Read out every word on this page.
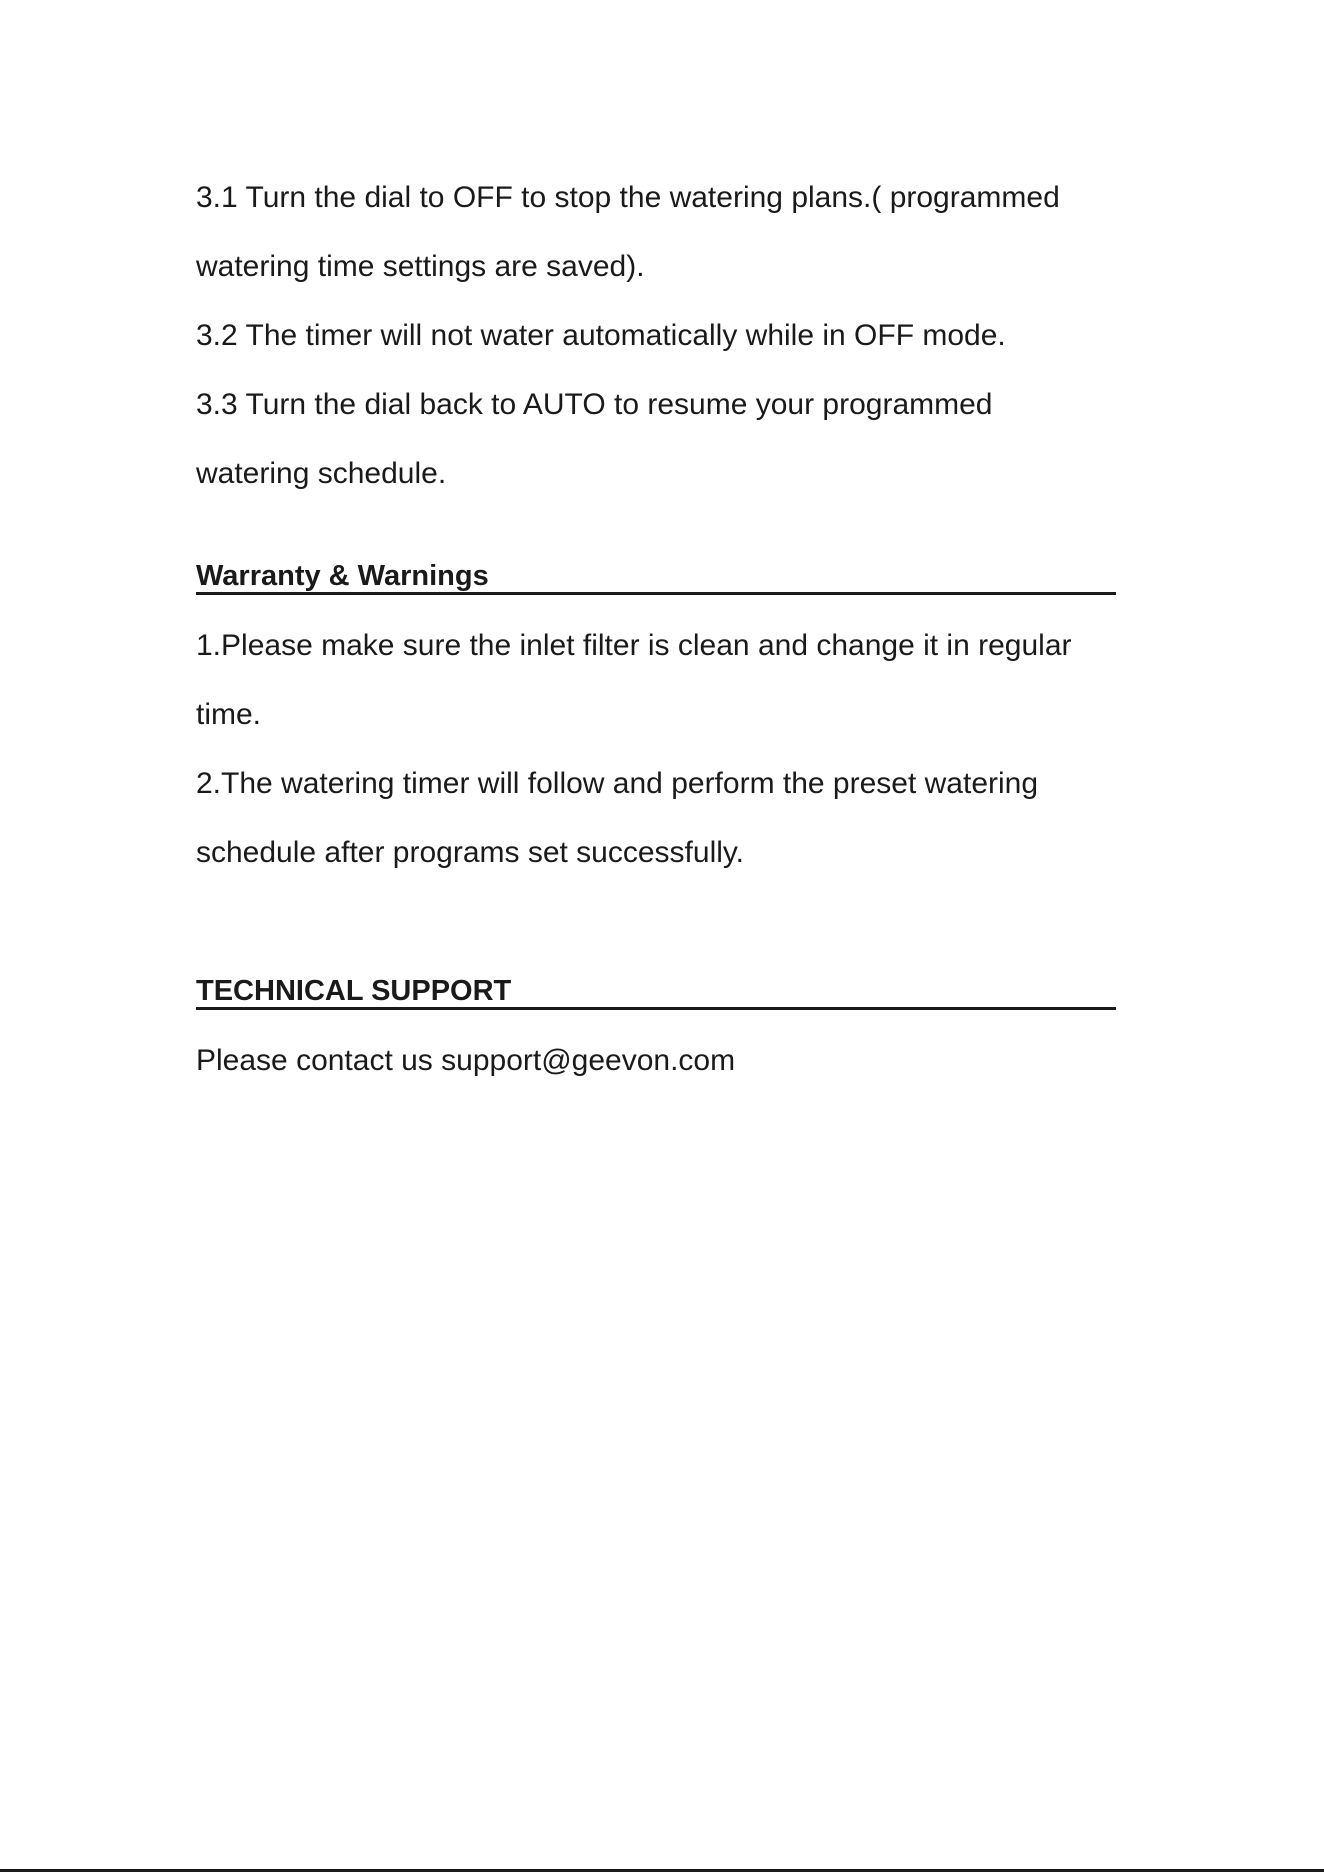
3.1 Turn the dial to OFF to stop the watering plans.( programmed
watering time settings are saved).
3.2 The timer will not water automatically while in OFF mode.
3.3 Turn the dial back to AUTO to resume your programmed
watering schedule.
Warranty & Warnings
1.Please make sure the inlet filter is clean and change it in regular
time.
2.The watering timer will follow and perform the preset watering
schedule after programs set successfully.
TECHNICAL SUPPORT
Please contact us support@geevon.com
